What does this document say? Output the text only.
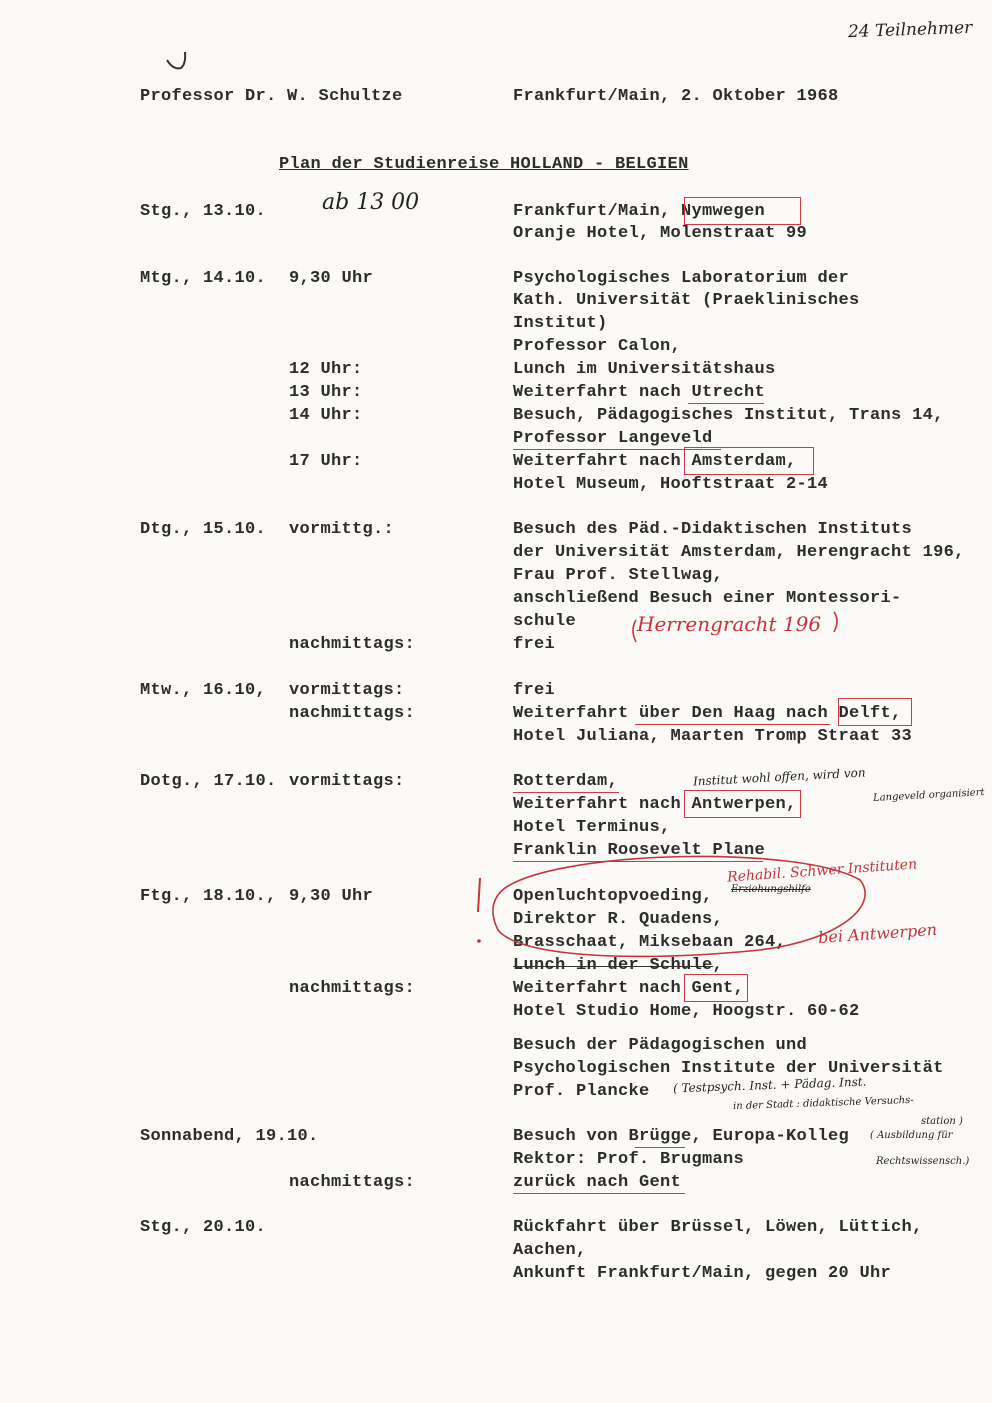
24 Teilnehmer
Professor Dr. W. Schultze	Frankfurt/Main, 2. Oktober 1968
Plan der Studienreise HOLLAND - BELGIEN
Stg., 13.10.	ab 13 00	Frankfurt/Main, Nymwegen
Oranje Hotel, Molenstraat 99
Mtg., 14.10. 9,30 Uhr	Psychologisches Laboratorium der
Kath. Universität (Praeklinisches
Institut)
Professor Calon,
12 Uhr:	Lunch im Universitätshaus
13 Uhr:	Weiterfahrt nach Utrecht
14 Uhr:	Besuch, Pädagogisches Institut, Trans 14,
Professor Langeveld
17 Uhr:	Weiterfahrt nach Amsterdam,
Hotel Museum, Hooftstraat 2-14
Dtg., 15.10. vormittg.:	Besuch des Päd.-Didaktischen Instituts
der Universität Amsterdam, Herengracht 196,
Frau Prof. Stellwag,
anschließend Besuch einer Montessori-
schule	Herrengracht 196
nachmittags:	frei
Mtw., 16.10, vormittags:	frei
nachmittags:	Weiterfahrt über Den Haag nach Delft,
Hotel Juliana, Maarten Tromp Straat 33
Dotg., 17.10. vormittags:	Rotterdam,	Institut wohl offen, wird von
Langeveld organisiert
Weiterfahrt nach Antwerpen,
Hotel Terminus,
Franklin Roosevelt Plane
Ftg., 18.10., 9,30 Uhr	Openluchtopvoeding,
Rehabil. Schwer Instituten
Erziehungshilfe
Direktor R. Quadens,
Brasschaat, Miksebaan 264, bei Antwerpen
Lunch in der Schule,
nachmittags:	Weiterfahrt nach Gent,
Hotel Studio Home, Hoogstr. 60-62
Besuch der Pädagogischen und
Psychologischen Institute der Universität
Prof. Plancke ( Testpsych. Inst. + Pädag. Inst.
in der Stadt : didaktische Versuchs-
station )
Sonnabend, 19.10.	Besuch von Brügge, Europa-Kolleg ( Ausbildung für
Rechtswissensch.)
Rektor: Prof. Brugmans
nachmittags:	zurück nach Gent
Stg., 20.10.	Rückfahrt über Brüssel, Löwen, Lüttich,
Aachen,
Ankunft Frankfurt/Main, gegen 20 Uhr
